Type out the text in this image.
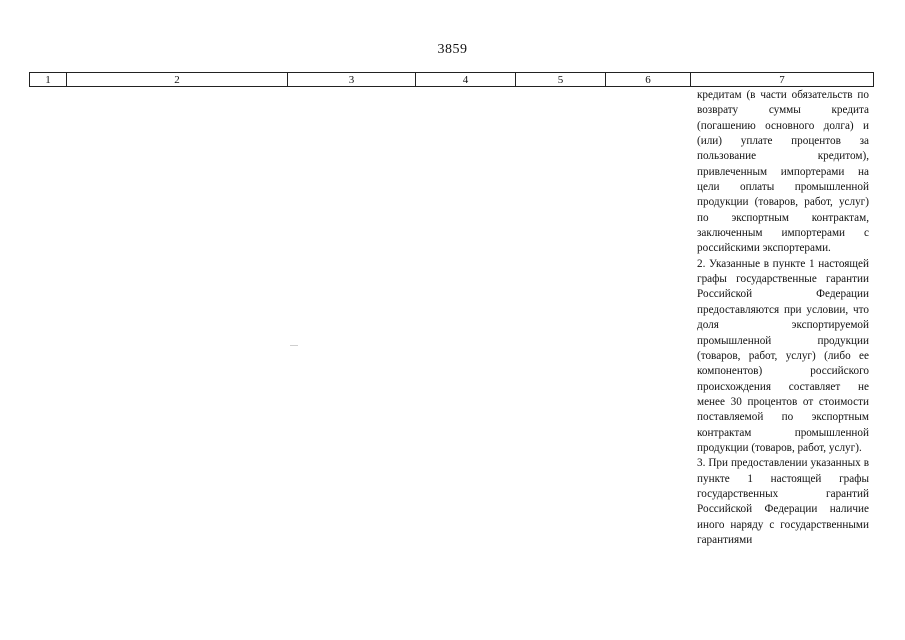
3859
1	2	3	4	5	6	7

кредитам (в части обязательств по возврату суммы кредита (погашению основного долга) и (или) уплате процентов за пользование кредитом), привлеченным импортерами на цели оплаты промышленной продукции (товаров, работ, услуг) по экспортным контрактам, заключенным импортерами с российскими экспортерами.

2. Указанные в пункте 1 настоящей графы государственные гарантии Российской Федерации предоставляются при условии, что доля экспортируемой промышленной продукции (товаров, работ, услуг) (либо ее компонентов) российского происхождения составляет не менее 30 процентов от стоимости поставляемой по экспортным контрактам промышленной продукции (товаров, работ, услуг).

3. При предоставлении указанных в пункте 1 настоящей графы государственных гарантий Российской Федерации наличие иного наряду с государственными гарантиями
